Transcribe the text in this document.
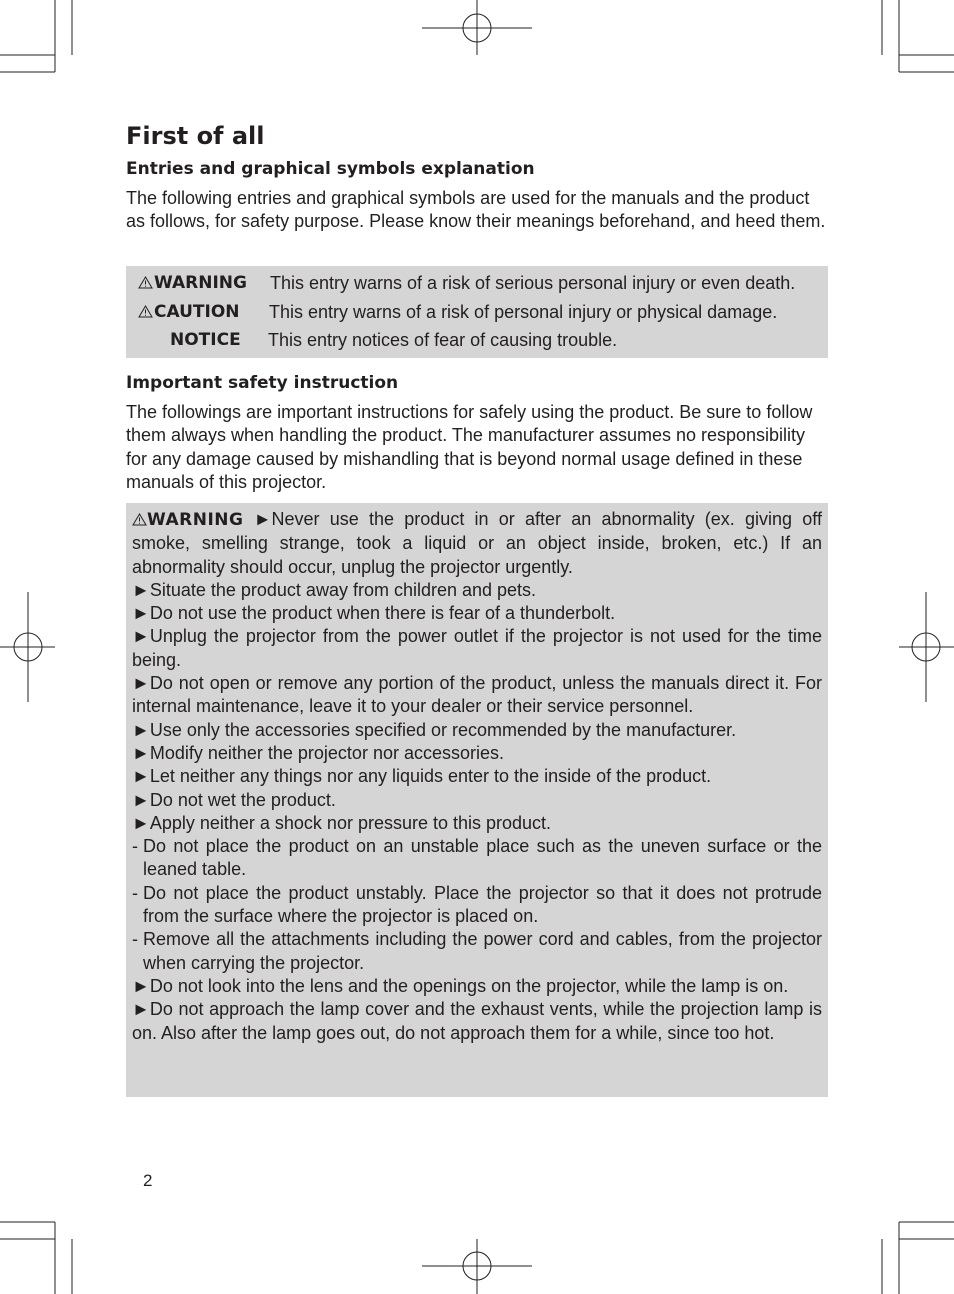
First of all
Entries and graphical symbols explanation

The following entries and graphical symbols are used for the manuals and the product as follows, for safety purpose. Please know their meanings beforehand, and heed them.

WARNING This entry warns of a risk of serious personal injury or even death.
CAUTION This entry warns of a risk of personal injury or physical damage.
NOTICE This entry notices of fear of causing trouble.
Important safety instruction

The followings are important instructions for safely using the product. Be sure to follow them always when handling the product. The manufacturer assumes no responsibility for any damage caused by mishandling that is beyond normal usage defined in these manuals of this projector.

WARNING ►Never use the product in or after an abnormality (ex. giving off smoke, smelling strange, took a liquid or an object inside, broken, etc.) If an abnormality should occur, unplug the projector urgently.

►Situate the product away from children and pets.

►Do not use the product when there is fear of a thunderbolt.

►Unplug the projector from the power outlet if the projector is not used for the time being.

►Do not open or remove any portion of the product, unless the manuals direct it. For internal maintenance, leave it to your dealer or their service personnel.

►Use only the accessories specified or recommended by the manufacturer.

►Modify neither the projector nor accessories.

►Let neither any things nor any liquids enter to the inside of the product.

►Do not wet the product.

►Apply neither a shock nor pressure to this product.

- Do not place the product on an unstable place such as the uneven surface or the leaned table.

- Do not place the product unstably. Place the projector so that it does not protrude from the surface where the projector is placed on.

- Remove all the attachments including the power cord and cables, from the projector when carrying the projector.

►Do not look into the lens and the openings on the projector, while the lamp is on.

►Do not approach the lamp cover and the exhaust vents, while the projection lamp is on. Also after the lamp goes out, do not approach them for a while, since too hot.

2
